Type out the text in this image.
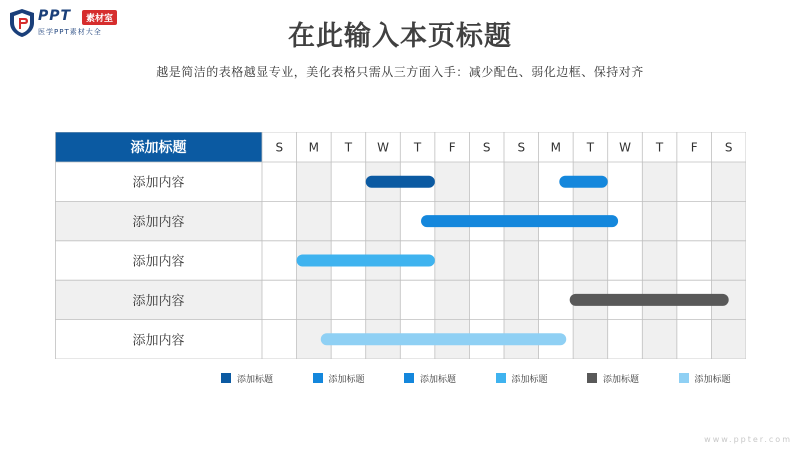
PPT	素材室
医学PPT素材大全	在此输入本页标题
越是简洁的表格越显专业，美化表格只需从三方面入手：减少配色、弱化边框、保持对齐
添加标题	S M T W T F S S M T W T F S
添加内容
添加内容
添加内容
添加内容
添加内容
添加标题	添加标题	添加标题	添加标题	添加标题	添加标题
www.ppter.com
